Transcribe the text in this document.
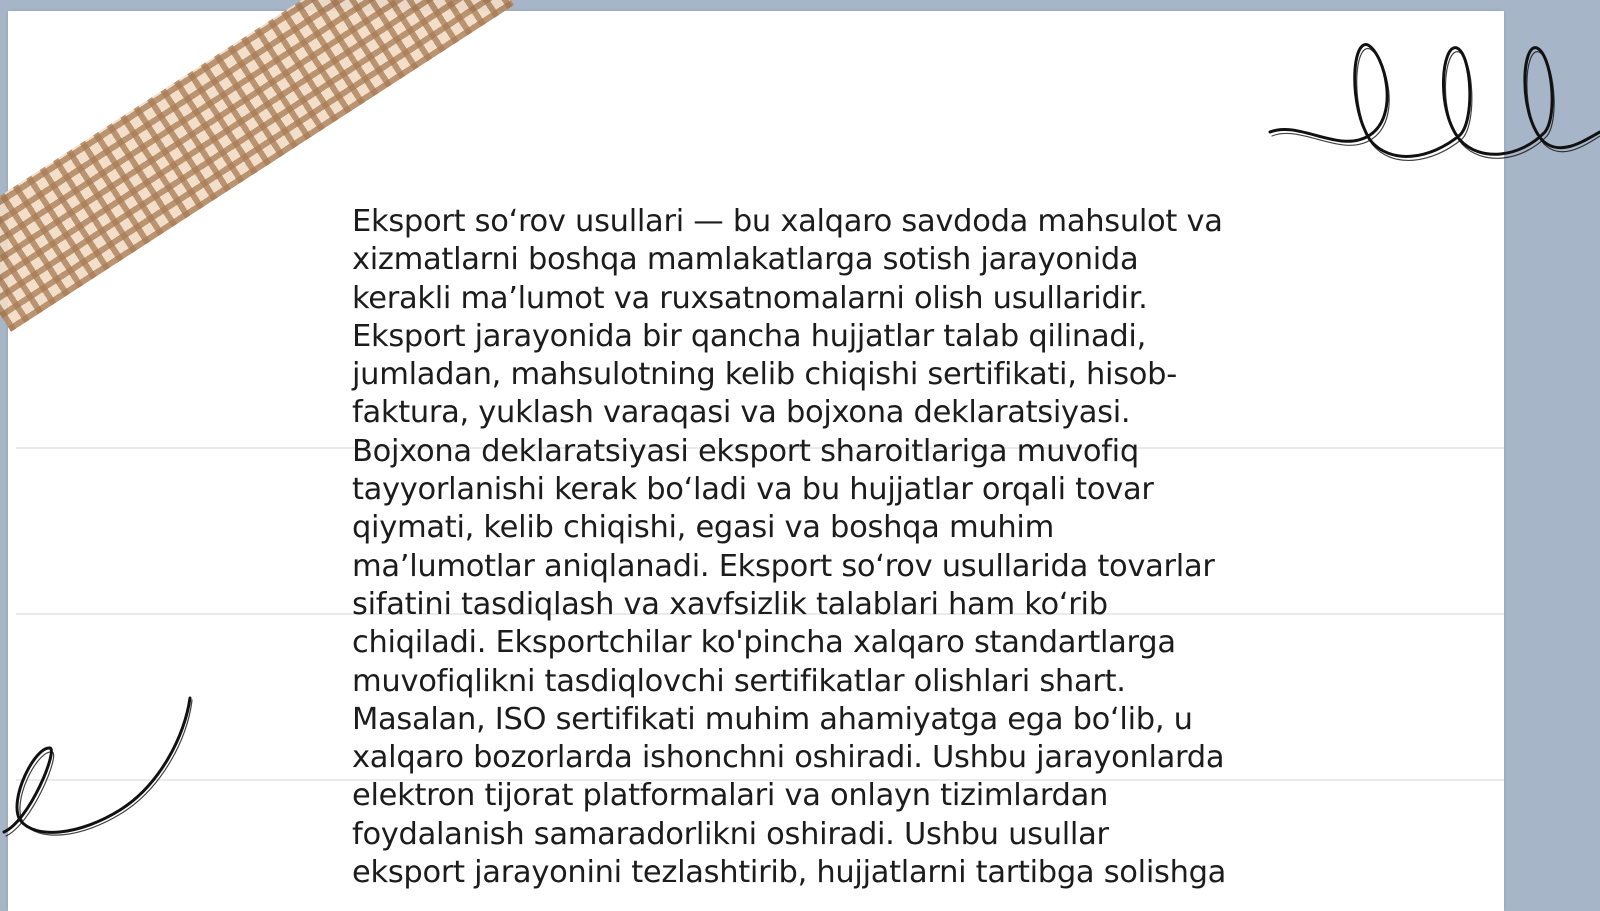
Eksport soʻrov usullari — bu xalqaro savdoda mahsulot va
xizmatlarni boshqa mamlakatlarga sotish jarayonida
kerakli maʼlumot va ruxsatnomalarni olish usullaridir.
Eksport jarayonida bir qancha hujjatlar talab qilinadi,
jumladan, mahsulotning kelib chiqishi sertifikati, hisob-
faktura, yuklash varaqasi va bojxona deklaratsiyasi.
Bojxona deklaratsiyasi eksport sharoitlariga muvofiq
tayyorlanishi kerak boʻladi va bu hujjatlar orqali tovar
qiymati, kelib chiqishi, egasi va boshqa muhim
maʼlumotlar aniqlanadi. Eksport soʻrov usullarida tovarlar
sifatini tasdiqlash va xavfsizlik talablari ham koʻrib
chiqiladi. Eksportchilar ko'pincha xalqaro standartlarga
muvofiqlikni tasdiqlovchi sertifikatlar olishlari shart.
Masalan, ISO sertifikati muhim ahamiyatga ega boʻlib, u
xalqaro bozorlarda ishonchni oshiradi. Ushbu jarayonlarda
elektron tijorat platformalari va onlayn tizimlardan
foydalanish samaradorlikni oshiradi. Ushbu usullar
eksport jarayonini tezlashtirib, hujjatlarni tartibga solishga
